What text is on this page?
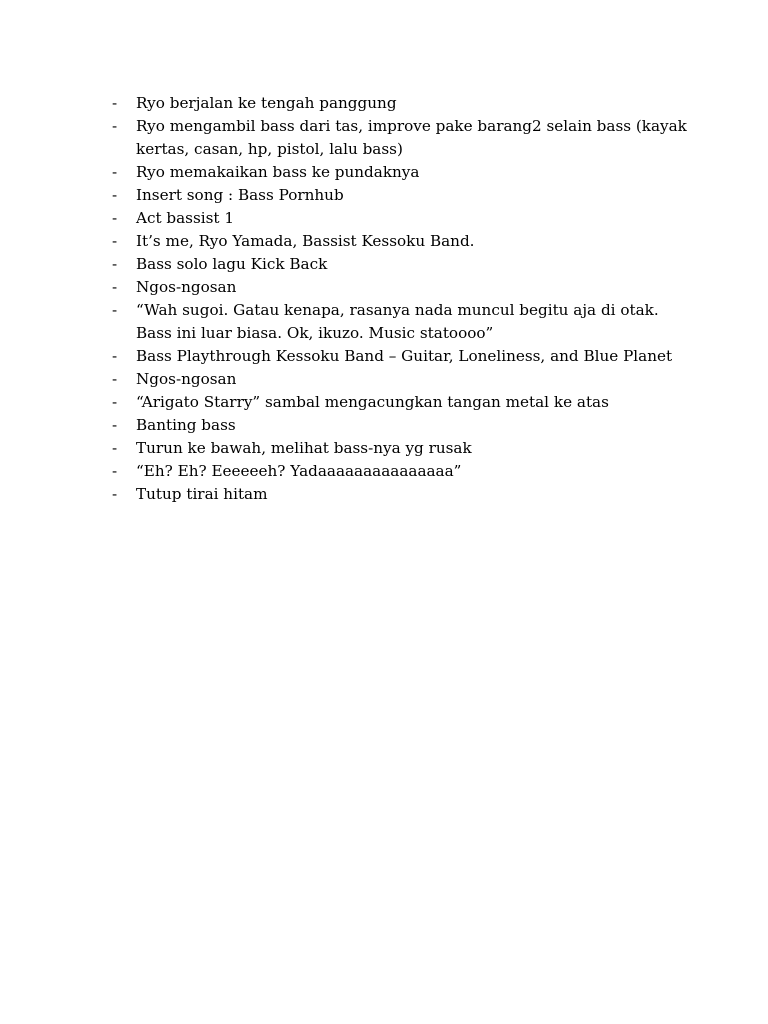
- Ryo berjalan ke tengah panggung
- Ryo mengambil bass dari tas, improve pake barang2 selain bass (kayak kertas, casan, hp, pistol, lalu bass)
- Ryo memakaikan bass ke pundaknya
- Insert song : Bass Pornhub
- Act bassist 1
- It’s me, Ryo Yamada, Bassist Kessoku Band.
- Bass solo lagu Kick Back
- Ngos-ngosan
- “Wah sugoi. Gatau kenapa, rasanya nada muncul begitu aja di otak. Bass ini luar biasa. Ok, ikuzo. Music statoooo”
- Bass Playthrough Kessoku Band – Guitar, Loneliness, and Blue Planet
- Ngos-ngosan
- “Arigato Starry” sambal mengacungkan tangan metal ke atas
- Banting bass
- Turun ke bawah, melihat bass-nya yg rusak
- “Eh? Eh? Eeeeeeh? Yadaaaaaaaaaaaaaaa”
- Tutup tirai hitam
